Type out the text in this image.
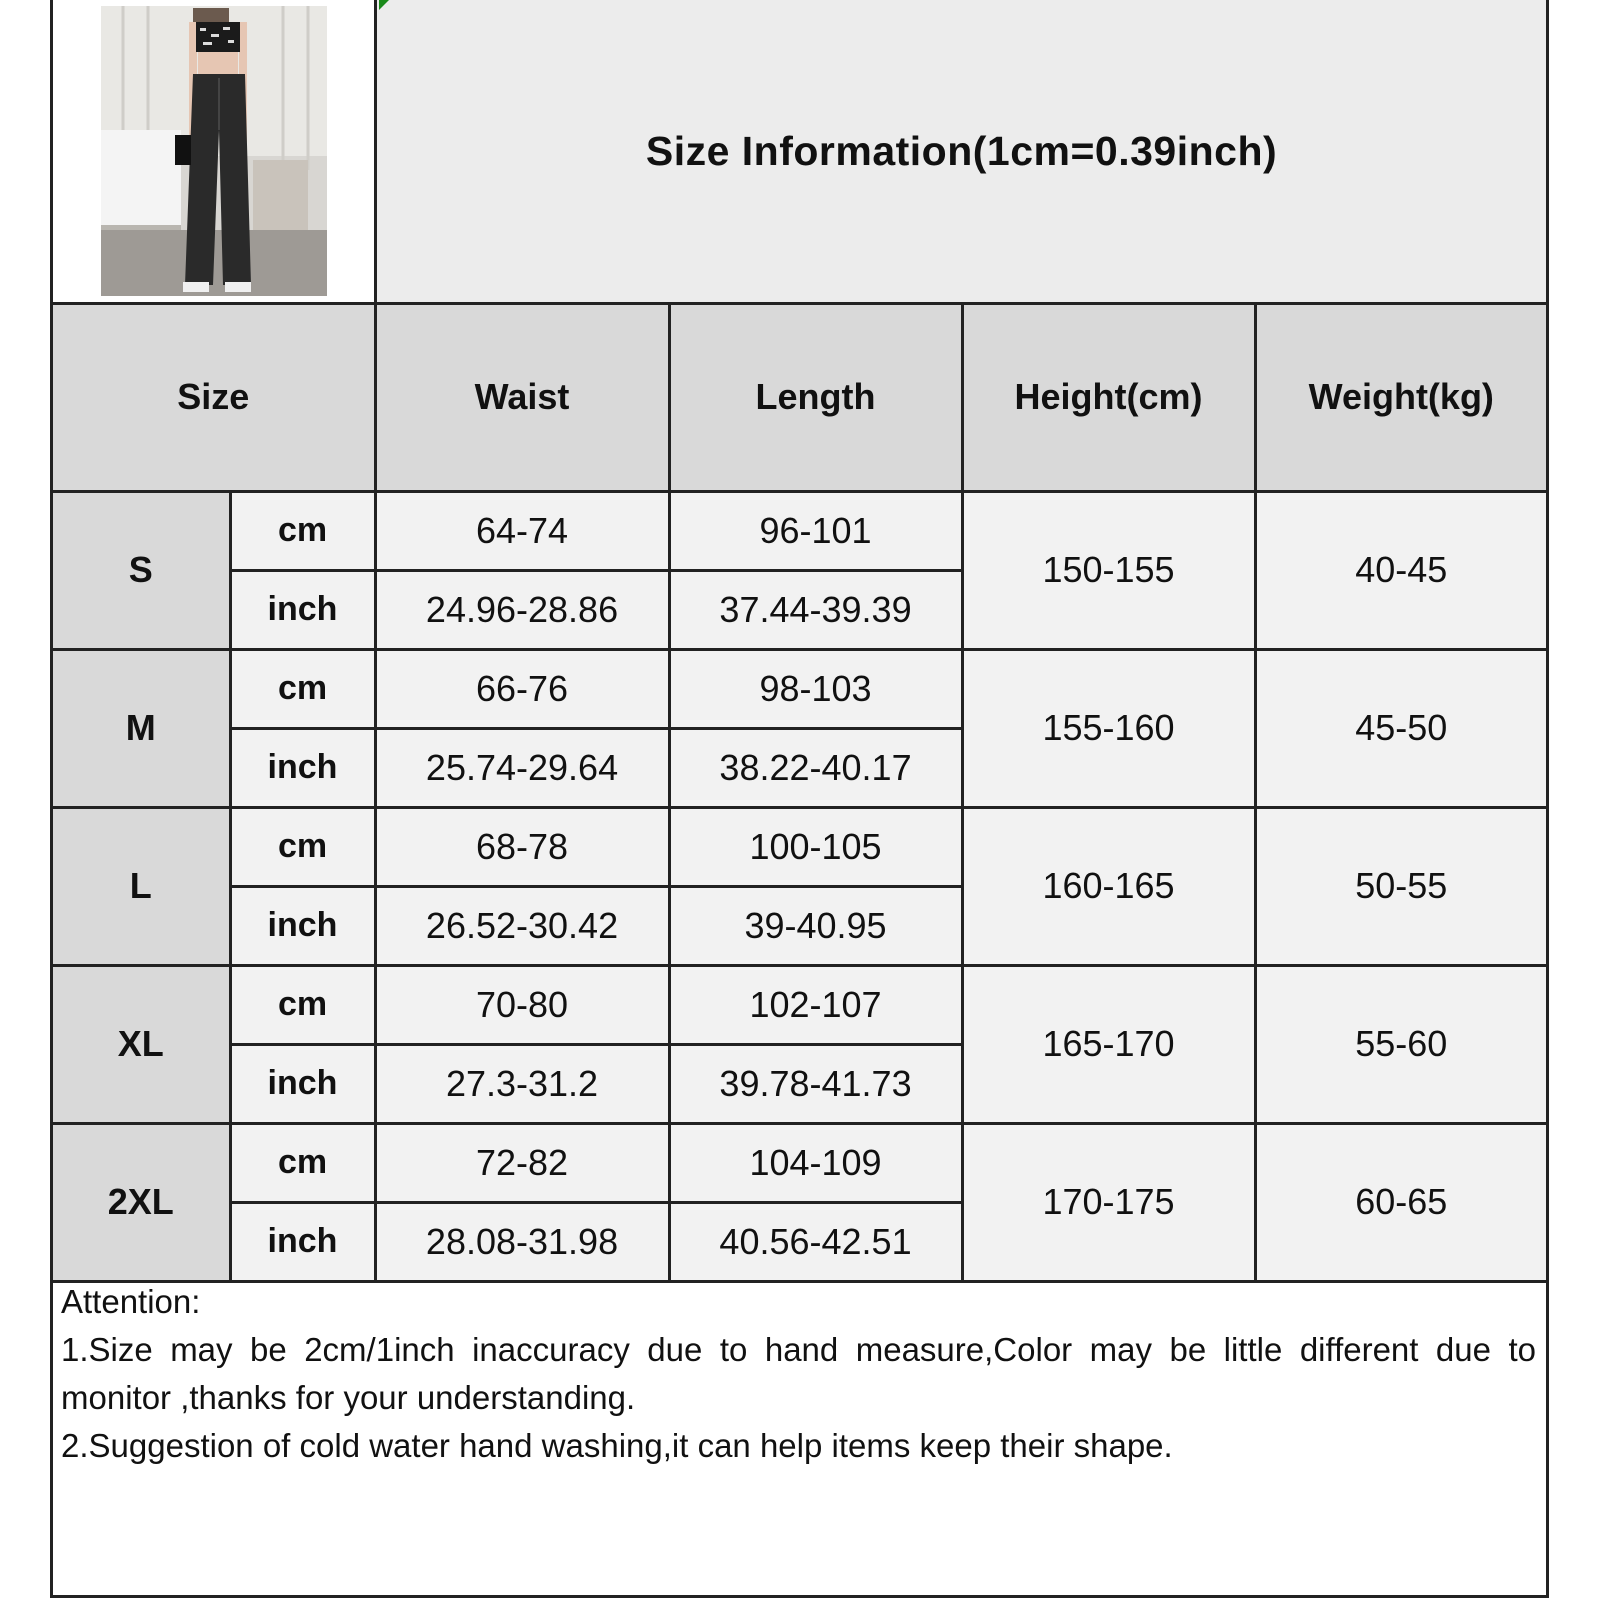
Size Information(1cm=0.39inch)
Size		Waist	Length	Height(cm)	Weight(kg)
S	cm	64-74	96-101	150-155	40-45
	inch	24.96-28.86	37.44-39.39		
M	cm	66-76	98-103	155-160	45-50
	inch	25.74-29.64	38.22-40.17		
L	cm	68-78	100-105	160-165	50-55
	inch	26.52-30.42	39-40.95		
XL	cm	70-80	102-107	165-170	55-60
	inch	27.3-31.2	39.78-41.73		
2XL	cm	72-82	104-109	170-175	60-65
	inch	28.08-31.98	40.56-42.51		

Attention:

1.Size may be 2cm/1inch inaccuracy due to hand measure,Color may be little different due to monitor ,thanks for your understanding.

2.Suggestion of cold water hand washing,it can help items keep their shape.
